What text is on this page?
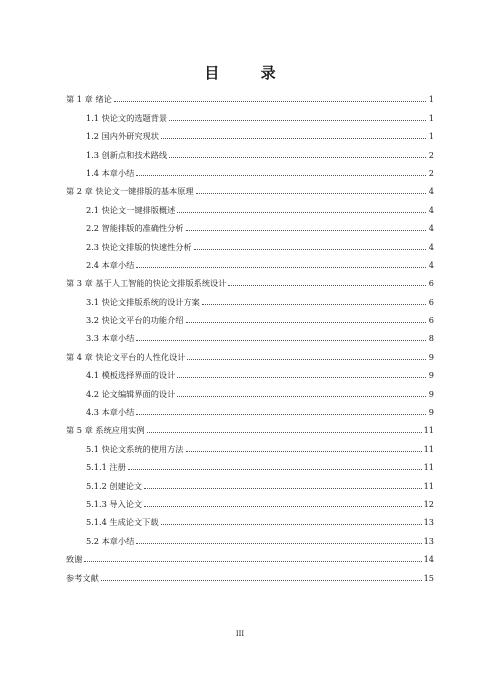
目 录
第 1 章 绪论	1
1.1 快论文的选题背景	1
1.2 国内外研究现状	1
1.3 创新点和技术路线	2
1.4 本章小结	2
第 2 章 快论文一键排版的基本原理	4
2.1 快论文一键排版概述	4
2.2 智能排版的准确性分析	4
2.3 快论文排版的快速性分析	4
2.4 本章小结	4
第 3 章 基于人工智能的快论文排版系统设计	6
3.1 快论文排版系统的设计方案	6
3.2 快论文平台的功能介绍	6
3.3 本章小结	8
第 4 章 快论文平台的人性化设计	9
4.1 模板选择界面的设计	9
4.2 论文编辑界面的设计	9
4.3 本章小结	9
第 5 章 系统应用实例	11
5.1 快论文系统的使用方法	11
5.1.1 注册	11
5.1.2 创建论文	11
5.1.3 导入论文	12
5.1.4 生成论文下载	13
5.2 本章小结	13
致谢	14
参考文献	15
III
